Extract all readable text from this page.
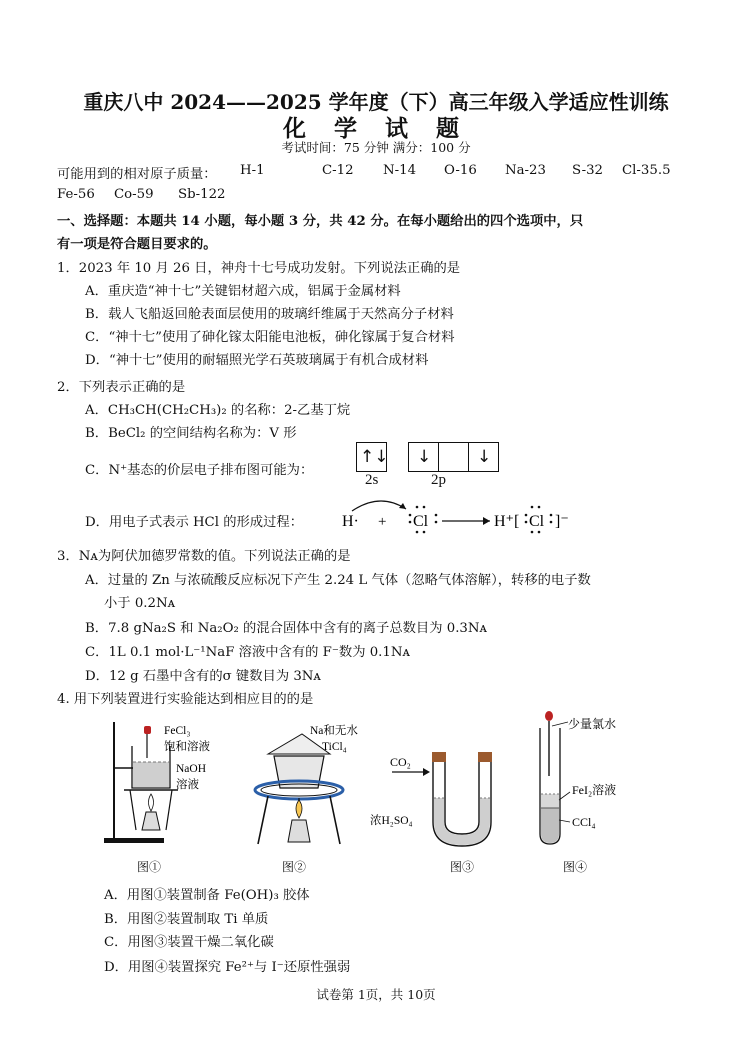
重庆八中 2024——2025 学年度（下）高三年级入学适应性训练
化 学 试 题
考试时间：75 分钟 满分：100 分
可能用到的相对原子质量： H-1	C-12 N-14 O-16 Na-23 S-32 Cl-35.5
Fe-56 Co-59 Sb-122
一、选择题：本题共 14 小题，每小题 3 分，共 42 分。在每小题给出的四个选项中，只
有一项是符合题目要求的。
1．2023 年 10 月 26 日，神舟十七号成功发射。下列说法正确的是
A．重庆造“神十七”关键铝材超六成，铝属于金属材料
B．载人飞船返回舱表面层使用的玻璃纤维属于天然高分子材料
C．“神十七”使用了砷化镓太阳能电池板，砷化镓属于复合材料
D．“神十七”使用的耐辐照光学石英玻璃属于有机合成材料
2．下列表示正确的是
A．CH₃CH(CH₂CH₃)₂ 的名称：2-乙基丁烷
B．BeCl₂ 的空间结构名称为：V 形
C．N⁺基态的价层电子排布图可能为：
↑↓ ↓	↓
2s	2p
D．用电子式表示 HCl 的形成过程： H· + Cl	H⁺[ Cl ]⁻
3．Nᴀ为阿伏加德罗常数的值。下列说法正确的是
A．过量的 Zn 与浓硫酸反应标况下产生 2.24 L 气体（忽略气体溶解），转移的电子数
小于 0.2Nᴀ
B．7.8 gNa₂S 和 Na₂O₂ 的混合固体中含有的离子总数目为 0.3Nᴀ
C．1L 0.1 mol·L⁻¹NaF 溶液中含有的 F⁻数为 0.1Nᴀ
D．12 g 石墨中含有的σ 键数目为 3Nᴀ
4. 用下列装置进行实验能达到相应目的的是
FeCl₃
饱和溶液
NaOH
溶液
图①
Na和无水
TiCl₄
图②
CO₂
浓H₂SO₄
图③
少量氯水
FeI₂溶液
CCl₄
图④
A．用图①装置制备 Fe(OH)₃ 胶体
B．用图②装置制取 Ti 单质
C．用图③装置干燥二氧化碳
D．用图④装置探究 Fe²⁺与 I⁻还原性强弱
试卷第 1页，共 10页
